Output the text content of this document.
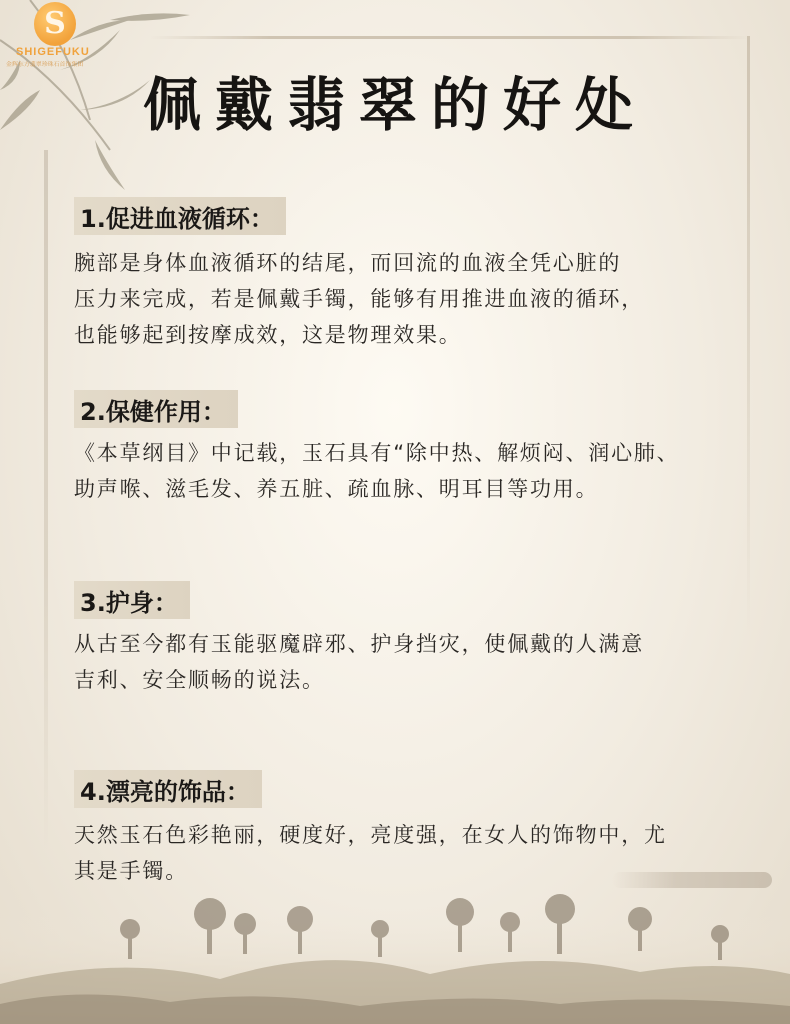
S
SHIGEFUKU
金辉东方翡翠珍珠石首饰集团
佩戴翡翠的好处
1.促进血液循环：

腕部是身体血液循环的结尾，而回流的血液全凭心脏的
压力来完成，若是佩戴手镯，能够有用推进血液的循环，
也能够起到按摩成效，这是物理效果。

2.保健作用：

《本草纲目》中记载，玉石具有“除中热、解烦闷、润心肺、
助声喉、滋毛发、养五脏、疏血脉、明耳目等功用。

3.护身：

从古至今都有玉能驱魔辟邪、护身挡灾，使佩戴的人满意
吉利、安全顺畅的说法。

4.漂亮的饰品：

天然玉石色彩艳丽，硬度好，亮度强，在女人的饰物中，尤
其是手镯。
